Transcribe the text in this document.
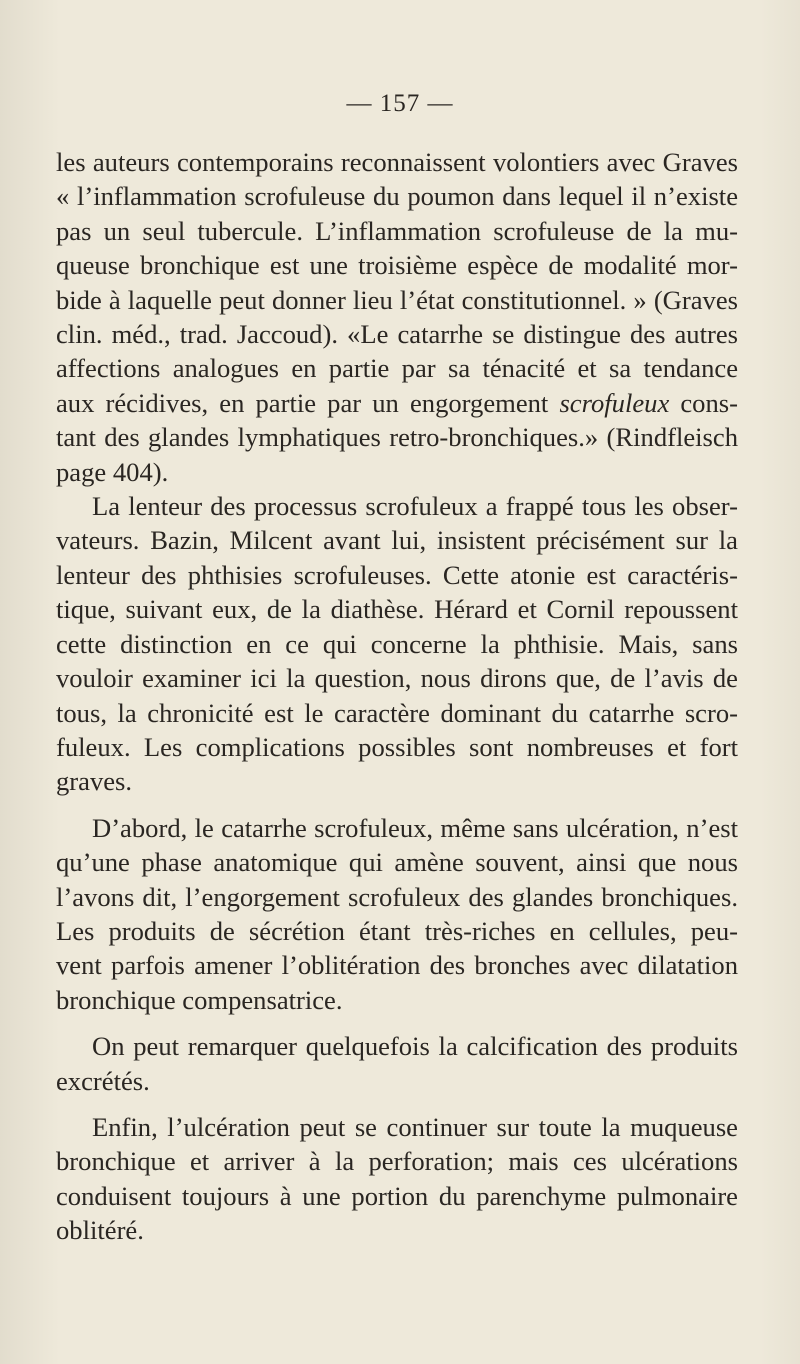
— 157 —
les auteurs contemporains reconnaissent volontiers avec Graves
« l’inflammation scrofuleuse du poumon dans lequel il n’existe
pas un seul tubercule. L’inflammation scrofuleuse de la mu-
queuse bronchique est une troisième espèce de modalité mor-
bide à laquelle peut donner lieu l’état constitutionnel. » (Graves
clin. méd., trad. Jaccoud). «Le catarrhe se distingue des autres
affections analogues en partie par sa ténacité et sa tendance
aux récidives, en partie par un engorgement scrofuleux cons-
tant des glandes lymphatiques retro-bronchiques.» (Rindfleisch
page 404).
La lenteur des processus scrofuleux a frappé tous les obser-
vateurs. Bazin, Milcent avant lui, insistent précisément sur la
lenteur des phthisies scrofuleuses. Cette atonie est caractéris-
tique, suivant eux, de la diathèse. Hérard et Cornil repoussent
cette distinction en ce qui concerne la phthisie. Mais, sans
vouloir examiner ici la question, nous dirons que, de l’avis de
tous, la chronicité est le caractère dominant du catarrhe scro-
fuleux. Les complications possibles sont nombreuses et fort
graves.
D’abord, le catarrhe scrofuleux, même sans ulcération, n’est
qu’une phase anatomique qui amène souvent, ainsi que nous
l’avons dit, l’engorgement scrofuleux des glandes bronchiques.
Les produits de sécrétion étant très-riches en cellules, peu-
vent parfois amener l’oblitération des bronches avec dilatation
bronchique compensatrice.
On peut remarquer quelquefois la calcification des produits
excrétés.
Enfin, l’ulcération peut se continuer sur toute la muqueuse
bronchique et arriver à la perforation; mais ces ulcérations
conduisent toujours à une portion du parenchyme pulmonaire
oblitéré.
